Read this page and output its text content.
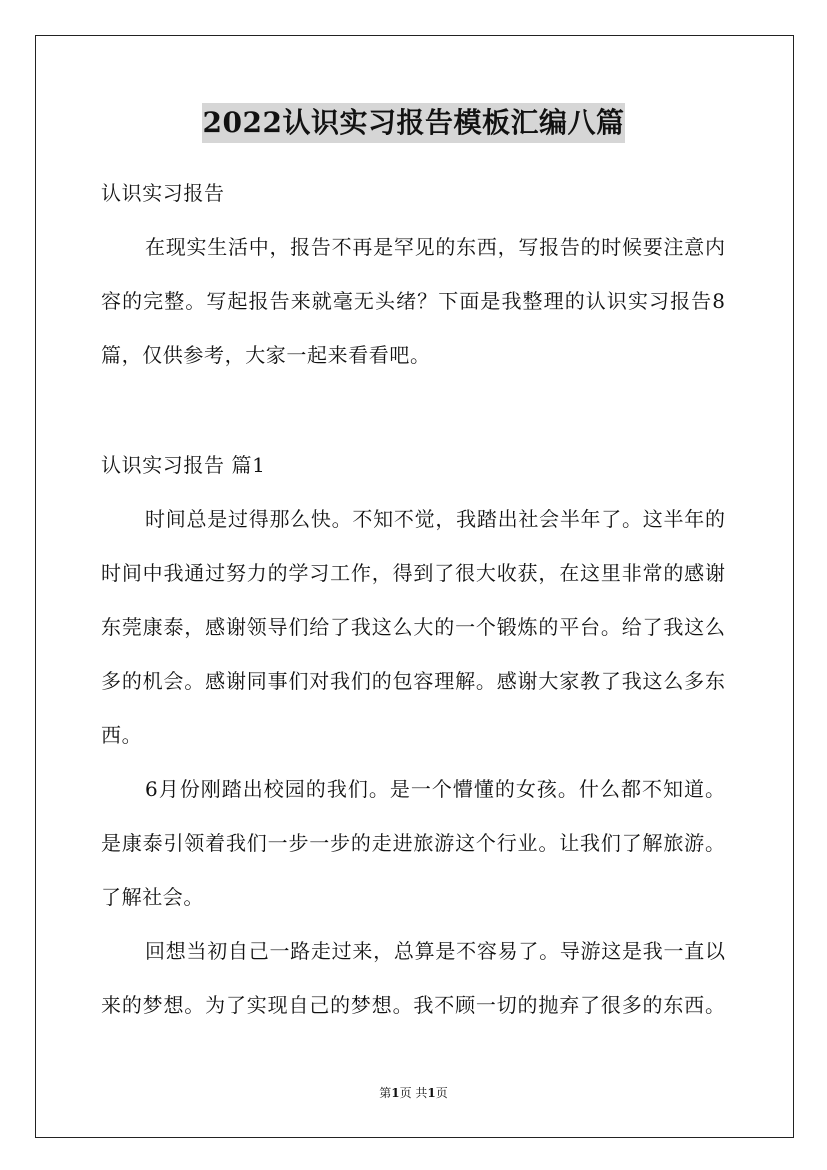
2022认识实习报告模板汇编八篇
认识实习报告
在现实生活中，报告不再是罕见的东西，写报告的时候要注意内
容的完整。写起报告来就毫无头绪？下面是我整理的认识实习报告8
篇，仅供参考，大家一起来看看吧。
认识实习报告 篇1
时间总是过得那么快。不知不觉，我踏出社会半年了。这半年的
时间中我通过努力的学习工作，得到了很大收获，在这里非常的感谢
东莞康泰，感谢领导们给了我这么大的一个锻炼的平台。给了我这么
多的机会。感谢同事们对我们的包容理解。感谢大家教了我这么多东
西。
6月份刚踏出校园的我们。是一个懵懂的女孩。什么都不知道。
是康泰引领着我们一步一步的走进旅游这个行业。让我们了解旅游。
了解社会。
回想当初自己一路走过来，总算是不容易了。导游这是我一直以
来的梦想。为了实现自己的梦想。我不顾一切的抛弃了很多的东西。
第1页 共1页
